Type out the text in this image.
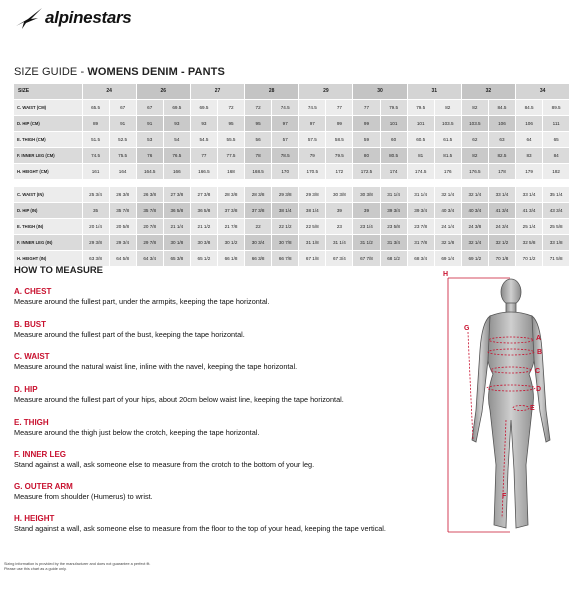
alpinestars
SIZE GUIDE - WOMENS DENIM - PANTS
SIZE	24		26		27		28		29		30		31		32		34	
C. WAIST (CM)	65.5	67	67	69.5	69.5	72	72	74.5	74.5	77	77	79.5	79.5	82	82	84.5	84.5	89.5
D. HIP (CM)	89	91	91	93	93	95	95	97	97	99	99	101	101	103.5	103.5	106	106	111
E. THIGH (CM)	51.5	52.5	53	54	54.5	55.5	56	57	57.5	58.5	59	60	60.5	61.5	62	63	64	65
F. INNER LEG (CM)	74.5	75.5	76	76.5	77	77.5	78	78.5	79	79.5	80	80.5	81	81.5	82	82.5	83	84
H. HEIGHT (CM)	161	164	164.5	166	166.5	168	168.5	170	170.5	172	172.5	174	174.5	176	176.5	178	179	182

C. WAIST (IN)	25 3/4	26 3/8	26 3/8	27 3/8	27 3/8	28 3/8	28 3/8	29 3/8	29 3/8	30 3/8	30 3/8	31 1/4	31 1/4	32 1/4	32 1/4	33 1/4	33 1/4	35 1/4
D. HIP (IN)	35	35 7/8	35 7/8	36 5/8	36 5/8	37 3/8	37 3/8	38 1/4	38 1/4	39	39	39 3/4	39 3/4	40 3/4	40 3/4	41 3/4	41 3/4	43 3/4
E. THIGH (IN)	20 1/4	20 5/8	20 7/8	21 1/4	21 1/2	21 7/8	22	22 1/2	22 5/8	23	23 1/4	23 5/8	23 7/8	24 1/4	24 3/8	24 3/4	25 1/4	25 5/8
F. INNER LEG (IN)	29 3/8	29 3/4	29 7/8	30 1/8	30 3/8	30 1/2	30 3/4	30 7/8	31 1/8	31 1/4	31 1/2	31 3/4	31 7/8	32 1/8	32 1/4	32 1/2	32 5/8	33 1/8
H. HEIGHT (IN)	63 3/8	64 5/8	64 3/4	65 3/8	65 1/2	66 1/8	66 3/8	66 7/8	67 1/8	67 3/4	67 7/8	68 1/2	68 3/4	69 1/4	69 1/2	70 1/8	70 1/2	71 5/8
HOW TO MEASURE
A. CHEST
Measure around the fullest part, under the armpits, keeping the tape horizontal.
B. BUST
Measure around the fullest part of the bust, keeping the tape horizontal.
C. WAIST
Measure around the natural waist line, inline with the navel, keeping the tape horizontal.
D. HIP
Measure around the fullest part of your hips, about 20cm below waist line, keeping the tape horizontal.
E. THIGH
Measure around the thigh just below the crotch, keeping the tape horizontal.
F. INNER LEG
Stand against a wall, ask someone else to measure from the crotch to the bottom of your leg.
G. OUTER ARM
Measure from shoulder (Humerus) to wrist.
H. HEIGHT
Stand against a wall, ask someone else to measure from the floor to the top of your head, keeping the tape vertical.
H
G
A
B
C
D
E
F
Sizing information is provided by the manufacturer and does not guarantee a perfect fit.
Please use this chart as a guide only.
